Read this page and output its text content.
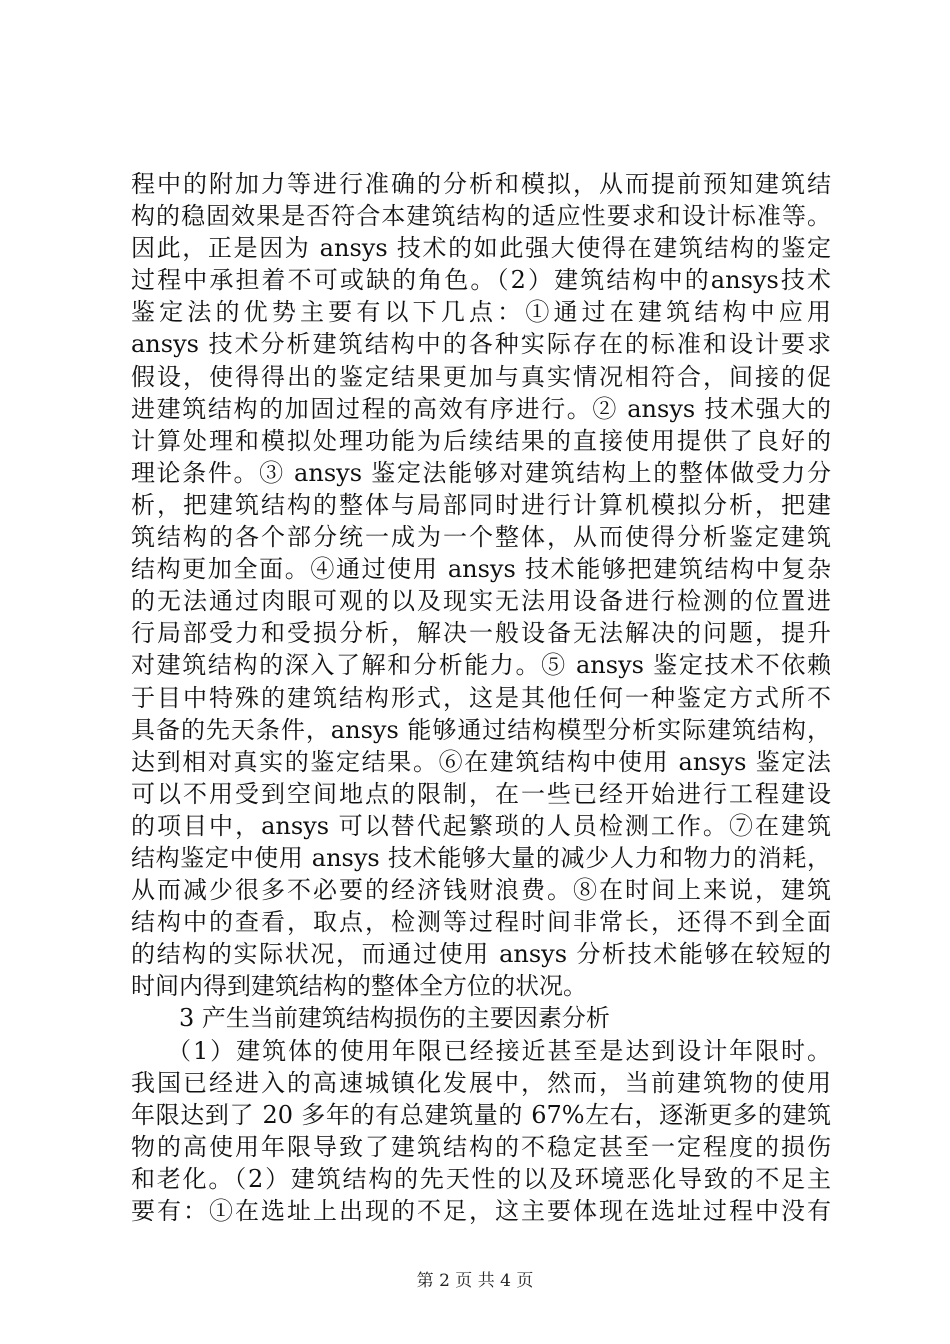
程中的附加力等进行准确的分析和模拟，从而提前预知建筑结
构的稳固效果是否符合本建筑结构的适应性要求和设计标准等。
因此，正是因为 ansys 技术的如此强大使得在建筑结构的鉴定
过程中承担着不可或缺的角色。（2）建筑结构中的ansys技术
鉴定法的优势主要有以下几点：①通过在建筑结构中应用
ansys 技术分析建筑结构中的各种实际存在的标准和设计要求
假设，使得得出的鉴定结果更加与真实情况相符合，间接的促
进建筑结构的加固过程的高效有序进行。② ansys 技术强大的
计算处理和模拟处理功能为后续结果的直接使用提供了良好的
理论条件。③ ansys 鉴定法能够对建筑结构上的整体做受力分
析，把建筑结构的整体与局部同时进行计算机模拟分析，把建
筑结构的各个部分统一成为一个整体，从而使得分析鉴定建筑
结构更加全面。④通过使用 ansys 技术能够把建筑结构中复杂
的无法通过肉眼可观的以及现实无法用设备进行检测的位置进
行局部受力和受损分析，解决一般设备无法解决的问题，提升
对建筑结构的深入了解和分析能力。⑤ ansys 鉴定技术不依赖
于目中特殊的建筑结构形式，这是其他任何一种鉴定方式所不
具备的先天条件，ansys 能够通过结构模型分析实际建筑结构，
达到相对真实的鉴定结果。⑥在建筑结构中使用 ansys 鉴定法
可以不用受到空间地点的限制，在一些已经开始进行工程建设
的项目中，ansys 可以替代起繁琐的人员检测工作。⑦在建筑
结构鉴定中使用 ansys 技术能够大量的减少人力和物力的消耗，
从而减少很多不必要的经济钱财浪费。⑧在时间上来说，建筑
结构中的查看，取点，检测等过程时间非常长，还得不到全面
的结构的实际状况，而通过使用 ansys 分析技术能够在较短的
时间内得到建筑结构的整体全方位的状况。
3 产生当前建筑结构损伤的主要因素分析
（1）建筑体的使用年限已经接近甚至是达到设计年限时。
我国已经进入的高速城镇化发展中，然而，当前建筑物的使用
年限达到了 20 多年的有总建筑量的 67%左右，逐渐更多的建筑
物的高使用年限导致了建筑结构的不稳定甚至一定程度的损伤
和老化。（2）建筑结构的先天性的以及环境恶化导致的不足主
要有：①在选址上出现的不足，这主要体现在选址过程中没有
第 2 页 共 4 页
